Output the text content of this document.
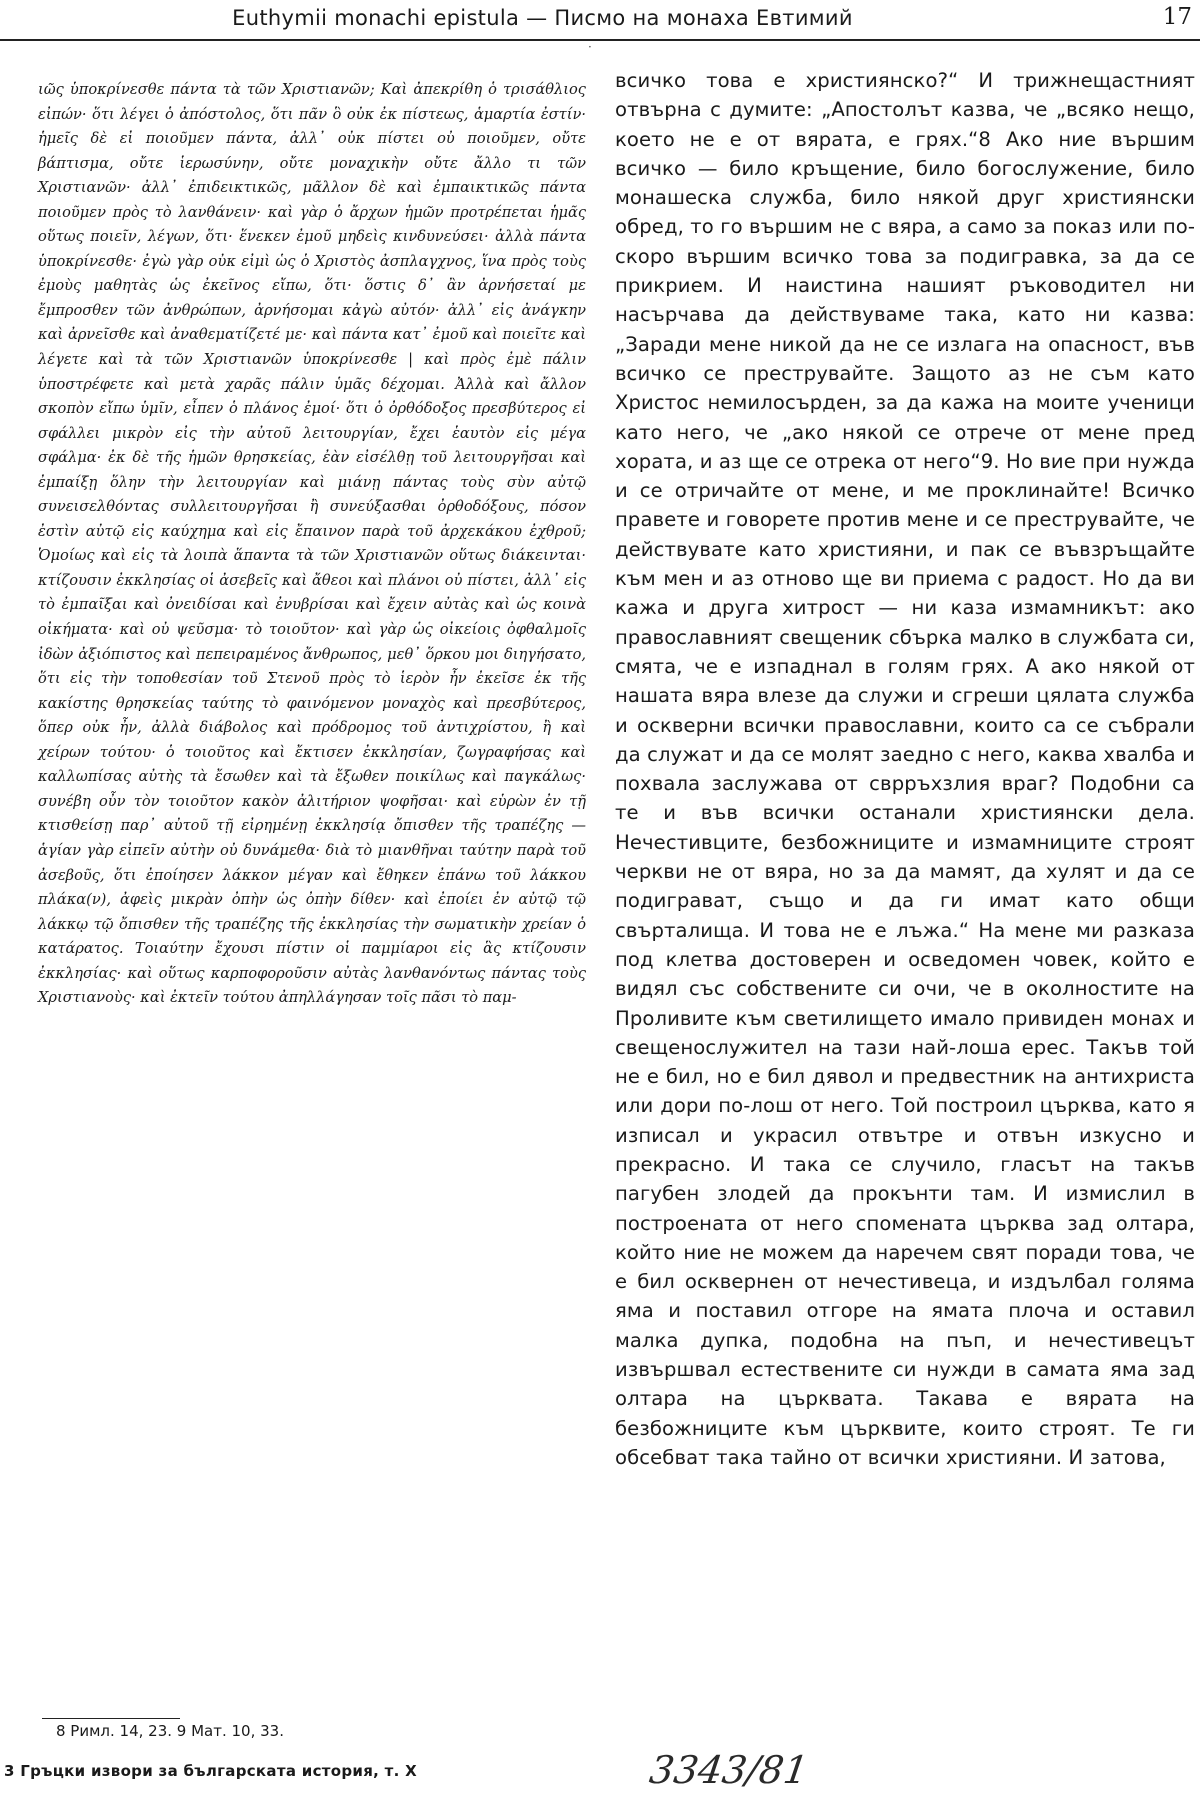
Euthymii monachi epistula — Писмо на монаха Евтимий	17
·

ιῶς ὑποκρίνεσθε πάντα τὰ τῶν Χριστιανῶν; Καὶ ἀπεκρίθη ὁ τρισάθλιος εἰπών· ὅτι λέγει ὁ ἀπόστολος, ὅτι πᾶν ὃ οὐκ ἐκ πίστεως, ἁμαρτία ἐστίν· ἡμεῖς δὲ εἰ ποιοῦμεν πάντα, ἀλλ᾽ οὐκ πίστει οὐ ποιοῦμεν, οὔτε βάπτισμα, οὔτε ἱερωσύνην, οὔτε μοναχικὴν οὔτε ἄλλο τι τῶν Χριστιανῶν· ἀλλ᾽ ἐπιδεικτικῶς, μᾶλλον δὲ καὶ ἐμπαικτικῶς πάντα ποιοῦμεν πρὸς τὸ λανθάνειν· καὶ γὰρ ὁ ἄρχων ἡμῶν προτρέπεται ἡμᾶς οὕτως ποιεῖν, λέγων, ὅτι· ἕνεκεν ἐμοῦ μηδεὶς κινδυνεύσει· ἀλλὰ πάντα ὑποκρίνεσθε· ἐγὼ γὰρ οὐκ εἰμὶ ὡς ὁ Χριστὸς ἀσπλαγχνος, ἵνα πρὸς τοὺς ἐμοὺς μαθητὰς ὡς ἐκεῖνος εἴπω, ὅτι· ὅστις δ᾽ ἂν ἀρνήσεταί με ἔμπροσθεν τῶν ἀνθρώπων, ἀρνήσομαι κἀγὼ αὐτόν· ἀλλ᾽ εἰς ἀνάγκην καὶ ἀρνεῖσθε καὶ ἀναθεματίζετέ με· καὶ πάντα κατ᾽ ἐμοῦ καὶ ποιεῖτε καὶ λέγετε καὶ τὰ τῶν Χριστιανῶν ὑποκρίνεσθε | καὶ πρὸς ἐμὲ πάλιν ὑποστρέφετε καὶ μετὰ χαρᾶς πάλιν ὑμᾶς δέχομαι. Ἀλλὰ καὶ ἄλλον σκοπὸν εἴπω ὑμῖν, εἶπεν ὁ πλάνος ἐμοί· ὅτι ὁ ὀρθόδοξος πρεσβύτερος εἰ σφάλλει μικρὸν εἰς τὴν αὐτοῦ λειτουργίαν, ἔχει ἑαυτὸν εἰς μέγα σφάλμα· ἐκ δὲ τῆς ἡμῶν θρησκείας, ἐὰν εἰσέλθῃ τοῦ λειτουργῆσαι καὶ ἐμπαίξῃ ὅλην τὴν λειτουργίαν καὶ μιάνῃ πάντας τοὺς σὺν αὐτῷ συνεισελθόντας συλλειτουργῆσαι ἢ συνεύξασθαι ὀρθοδόξους, πόσον ἐστὶν αὐτῷ εἰς καύχημα καὶ εἰς ἔπαινον παρὰ τοῦ ἀρχεκάκου ἐχθροῦ; Ὁμοίως καὶ εἰς τὰ λοιπὰ ἅπαντα τὰ τῶν Χριστιανῶν οὕτως διάκεινται· κτίζουσιν ἐκκλησίας οἱ ἀσεβεῖς καὶ ἄθεοι καὶ πλάνοι οὐ πίστει, ἀλλ᾽ εἰς τὸ ἐμπαῖξαι καὶ ὀνειδίσαι καὶ ἐνυβρίσαι καὶ ἔχειν αὐτὰς καὶ ὡς κοινὰ οἰκήματα· καὶ οὐ ψεῦσμα· τὸ τοιοῦτον· καὶ γὰρ ὡς οἰκείοις ὀφθαλμοῖς ἰδὼν ἀξιόπιστος καὶ πεπειραμένος ἄνθρωπος, μεθ᾽ ὅρκου μοι διηγήσατο, ὅτι εἰς τὴν τοποθεσίαν τοῦ Στενοῦ πρὸς τὸ ἱερὸν ἦν ἐκεῖσε ἐκ τῆς κακίστης θρησκείας ταύτης τὸ φαινόμενον μοναχὸς καὶ πρεσβύτερος, ὅπερ οὐκ ἦν, ἀλλὰ διάβολος καὶ πρόδρομος τοῦ ἀντιχρίστου, ἢ καὶ χείρων τούτου· ὁ τοιοῦτος καὶ ἔκτισεν ἐκκλησίαν, ζωγραφήσας καὶ καλλωπίσας αὐτὴς τὰ ἔσωθεν καὶ τὰ ἔξωθεν ποικίλως καὶ παγκάλως· συνέβη οὖν τὸν τοιοῦτον κακὸν ἀλιτήριον ψοφῆσαι· καὶ εὑρὼν ἐν τῇ κτισθείσῃ παρ᾽ αὐτοῦ τῇ εἰρημένῃ ἐκκλησίᾳ ὄπισθεν τῆς τραπέζης — ἁγίαν γὰρ εἰπεῖν αὐτὴν οὐ δυνάμεθα· διὰ τὸ μιανθῆναι ταύτην παρὰ τοῦ ἀσεβοῦς, ὅτι ἐποίησεν λάκκον μέγαν καὶ ἔθηκεν ἐπάνω τοῦ λάκκου πλάκα(ν), ἀφεὶς μικρὰν ὀπὴν ὡς ὀπὴν δίθεν· καὶ ἐποίει ἐν αὐτῷ τῷ λάκκῳ τῷ ὄπισθεν τῆς τραπέζης τῆς ἐκκλησίας τὴν σωματικὴν χρείαν ὁ κατάρατος. Τοιαύτην ἔχουσι πίστιν οἱ παμμίαροι εἰς ἃς κτίζουσιν ἐκκλησίας· καὶ οὕτως καρποφοροῦσιν αὐτὰς λανθανόντως πάντας τοὺς Χριστιανοὺς· καὶ ἐκτεῖν τούτου ἀπηλλάγησαν τοῖς πᾶσι τὸ παμ-

всичко това е християнско?“ И трижнещастният отвърна с думите: „Апостолът казва, че „всяко нещо, което не е от вярата, е грях.“8 Ако ние вършим всичко — било кръщение, било богослужение, било монашеска служба, било някой друг християнски обред, то го вършим не с вяра, а само за показ или по-скоро вършим всичко това за подигравка, за да се прикрием. И наистина нашият ръководител ни насърчава да действуваме така, като ни казва: „Заради мене никой да не се излага на опасност, във всичко се преструвайте. Защото аз не съм като Христос немилосърден, за да кажа на моите ученици като него, че „ако някой се отрече от мене пред хората, и аз ще се отрека от него“9. Но вие при нужда и се отричайте от мене, и ме проклинайте! Всичко правете и говорете против мене и се преструвайте, че действувате като християни, и пак се въвзръщайте към мен и аз отново ще ви приема с радост. Но да ви кажа и друга хитрост — ни каза измамникът: ако православният свещеник сбърка малко в службата си, смята, че е изпаднал в голям грях. А ако някой от нашата вяра влезе да служи и сгреши цялата служба и оскверни всички православни, които са се събрали да служат и да се молят заедно с него, каква хвалба и похвала заслужава от сврръхзлия враг? Подобни са те и във всички останали християнски дела. Нечестивците, безбожниците и измамниците строят черкви не от вяра, но за да мамят, да хулят и да се подиграват, също и да ги имат като общи свърталища. И това не е лъжа.“ На мене ми разказа под клетва достоверен и осведомен човек, който е видял със собствените си очи, че в околностите на Проливите към светилището имало привиден монах и свещенослужител на тази най-лоша ерес. Такъв той не е бил, но е бил дявол и предвестник на антихриста или дори по-лош от него. Той построил църква, като я изписал и украсил отвътре и отвън изкусно и прекрасно. И така се случило, гласът на такъв пагубен злодей да прокънти там. И измислил в построената от него спомената църква зад олтара, който ние не можем да наречем свят поради това, че е бил осквернен от нечестивеца, и издълбал голяма яма и поставил отгоре на ямата плоча и оставил малка дупка, подобна на пъп, и нечестивецът извършвал естествените си нужди в самата яма зад олтара на църквата. Такава е вярата на безбожниците към църквите, които строят. Те ги обсебват така тайно от всички християни. И затова,

8 Римл. 14, 23. 9 Мат. 10, 33.
3 Гръцки извори за българската история, т. X	3343/81
